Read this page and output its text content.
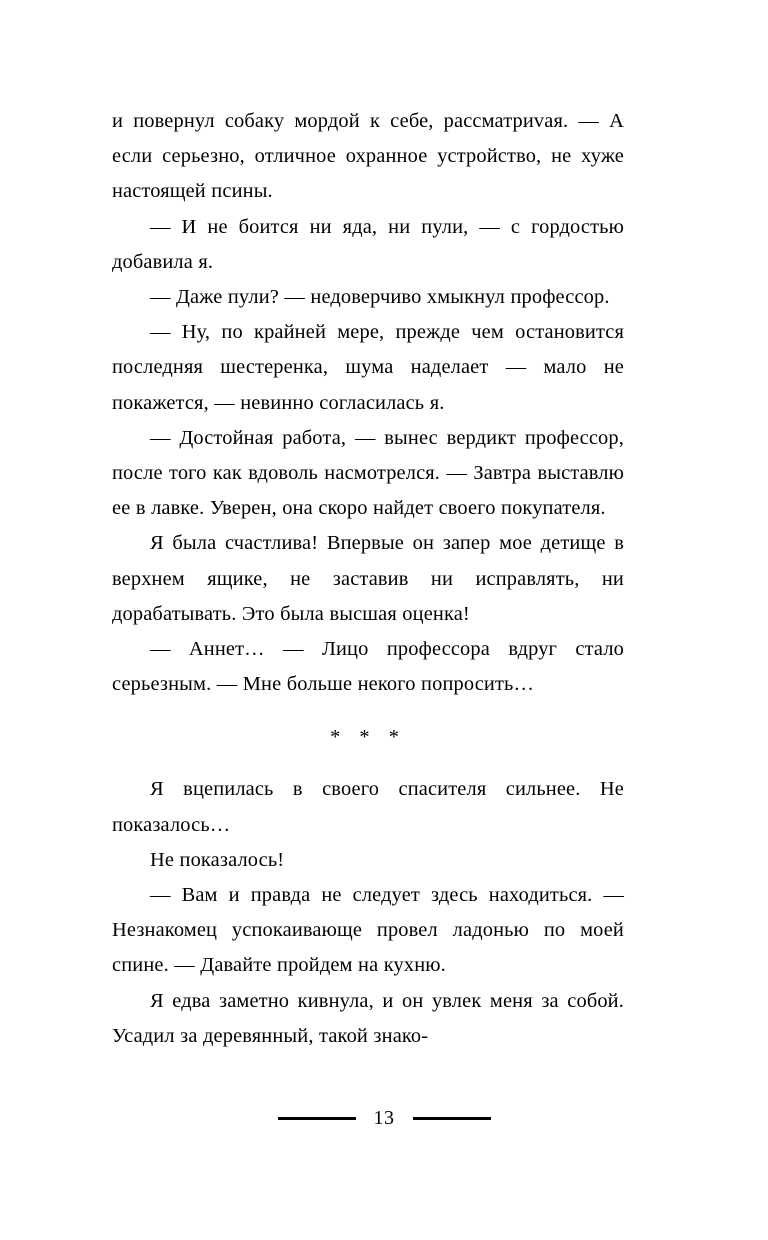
и повернул собаку мордой к себе, рассматриvая. — А если серьезно, отличное охранное устройство, не хуже настоящей псины.

— И не боится ни яда, ни пули, — с гордостью добавила я.

— Даже пули? — недоверчиво хмыкнул профессор.

— Ну, по крайней мере, прежде чем остановится последняя шестеренка, шума наделает — мало не покажется, — невинно согласилась я.

— Достойная работа, — вынес вердикт профессор, после того как вдоволь насмотрелся. — Завтра выставлю ее в лавке. Уверен, она скоро найдет своего покупателя.

Я была счастлива! Впервые он запер мое детище в верхнем ящике, не заставив ни исправлять, ни дорабатывать. Это была высшая оценка!

— Аннет… — Лицо профессора вдруг стало серьезным. — Мне больше некого попросить…

* * *

Я вцепилась в своего спасителя сильнее. Не показалось…

Не показалось!

— Вам и правда не следует здесь находиться. — Незнакомец успокаивающе провел ладонью по моей спине. — Давайте пройдем на кухню.

Я едва заметно кивнула, и он увлек меня за собой. Усадил за деревянный, такой знако-

13
